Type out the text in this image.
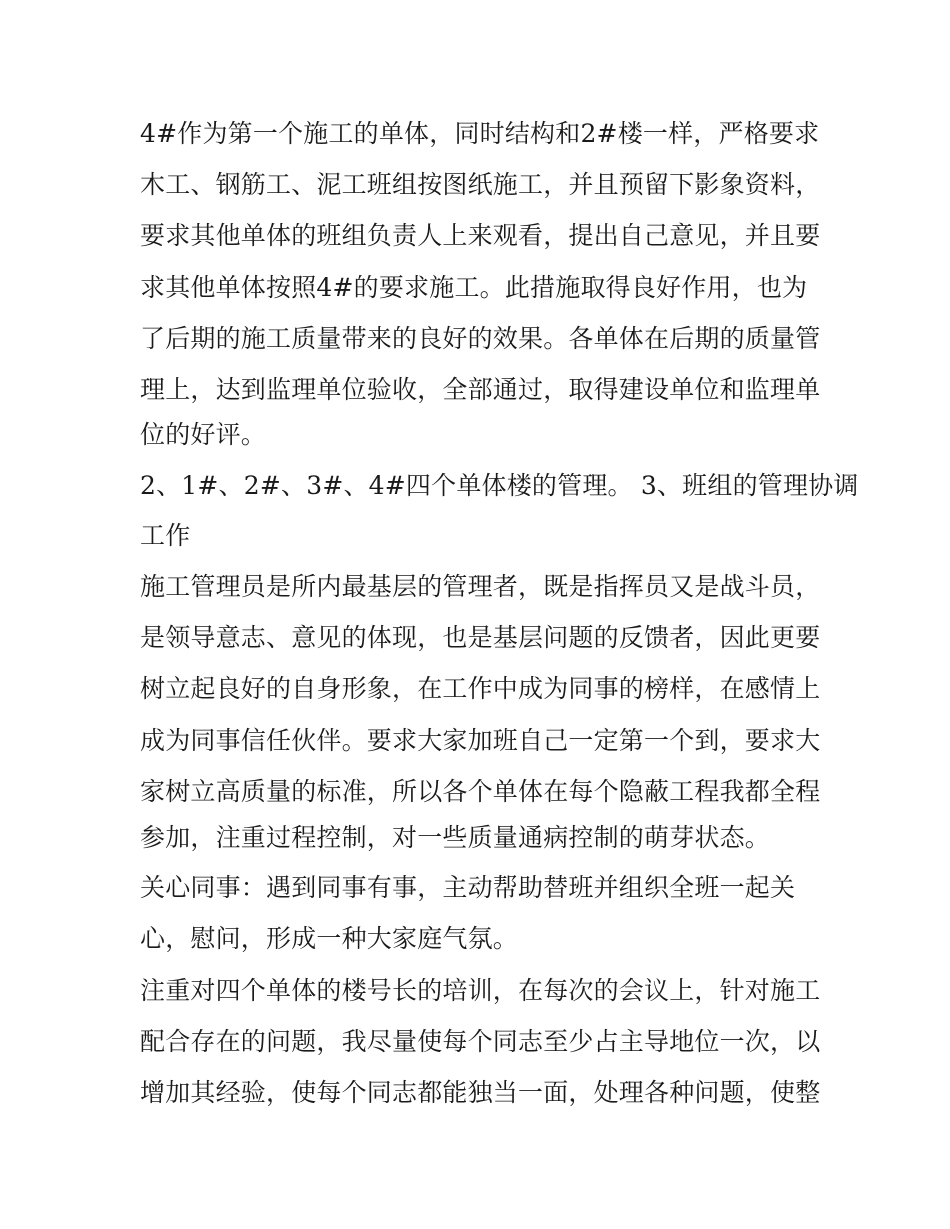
4#作为第一个施工的单体，同时结构和2#楼一样，严格要求
木工、钢筋工、泥工班组按图纸施工，并且预留下影象资料，
要求其他单体的班组负责人上来观看，提出自己意见，并且要
求其他单体按照4#的要求施工。此措施取得良好作用，也为
了后期的施工质量带来的良好的效果。各单体在后期的质量管
理上，达到监理单位验收，全部通过，取得建设单位和监理单
位的好评。
2、1#、2#、3#、4#四个单体楼的管理。 3、班组的管理协调
工作
施工管理员是所内最基层的管理者，既是指挥员又是战斗员，
是领导意志、意见的体现，也是基层问题的反馈者，因此更要
树立起良好的自身形象，在工作中成为同事的榜样，在感情上
成为同事信任伙伴。要求大家加班自己一定第一个到，要求大
家树立高质量的标准，所以各个单体在每个隐蔽工程我都全程
参加，注重过程控制，对一些质量通病控制的萌芽状态。
关心同事：遇到同事有事，主动帮助替班并组织全班一起关
心，慰问，形成一种大家庭气氛。
注重对四个单体的楼号长的培训，在每次的会议上，针对施工
配合存在的问题，我尽量使每个同志至少占主导地位一次，以
增加其经验，使每个同志都能独当一面，处理各种问题，使整
